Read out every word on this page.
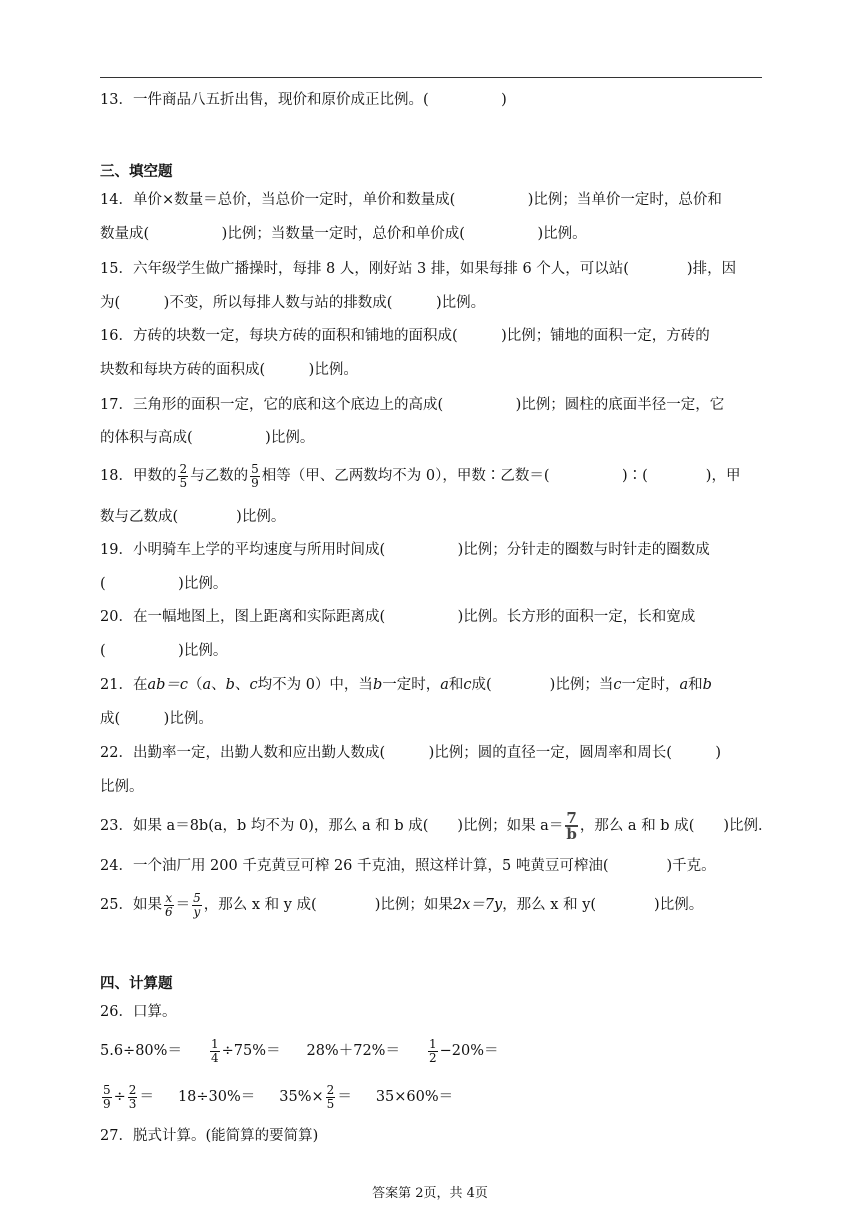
13．一件商品八五折出售，现价和原价成正比例。(　　　　　)
三、填空题
14．单价×数量＝总价，当总价一定时，单价和数量成(　　　　　)比例；当单价一定时，总价和
数量成(　　　　　)比例；当数量一定时，总价和单价成(　　　　　)比例。
15．六年级学生做广播操时，每排 8 人，刚好站 3 排，如果每排 6 个人，可以站(　　　　)排，因
为(　　　)不变，所以每排人数与站的排数成(　　　)比例。
16．方砖的块数一定，每块方砖的面积和铺地的面积成(　　　)比例；铺地的面积一定，方砖的
块数和每块方砖的面积成(　　　)比例。
17．三角形的面积一定，它的底和这个底边上的高成(　　　　　)比例；圆柱的底面半径一定，它
的体积与高成(　　　　　)比例。
18．甲数的 $\frac{2}{5}$ 与乙数的 $\frac{5}{9}$ 相等（甲、乙两数均不为 0），甲数∶乙数＝(　　　　　)∶(　　　　)，甲
数与乙数成(　　　　)比例。
19．小明骑车上学的平均速度与所用时间成(　　　　　)比例；分针走的圈数与时针走的圈数成
(　　　　　)比例。
20．在一幅地图上，图上距离和实际距离成(　　　　　)比例。长方形的面积一定，长和宽成
(　　　　　)比例。
21．在ab＝c（a、b、c均不为 0）中，当b一定时，a和c成(　　　　)比例；当c一定时，a和b
成(　　　)比例。
22．出勤率一定，出勤人数和应出勤人数成(　　　)比例；圆的直径一定，圆周率和周长(　　　)
比例。
23．如果 a＝8b(a，b 均不为 0)，那么 a 和 b 成(　　)比例；如果 $a= \frac{7}{b}$ ，那么 a 和 b 成(　　)比例．
24．一个油厂用 200 千克黄豆可榨 26 千克油，照这样计算，5 吨黄豆可榨油(　　　　)千克。
25．如果 $\frac{x}{6} = \frac{5}{y}$ ，那么 x 和 y 成(　　　　)比例；如果2x＝7y，那么 x 和 y(　　　　)比例。
四、计算题
26．口算。
$5.6\div 80\%= \frac{1}{4} \div 75\%= 28\%+72\%= \frac{1}{2} -20\%=$
$\frac{5}{9} \div \frac{2}{3} = 18\div 30\%= 35\%\times \frac{2}{5} = 35\times 60\%=$
27．脱式计算。(能简算的要简算)
答案第 2页，共 4页
